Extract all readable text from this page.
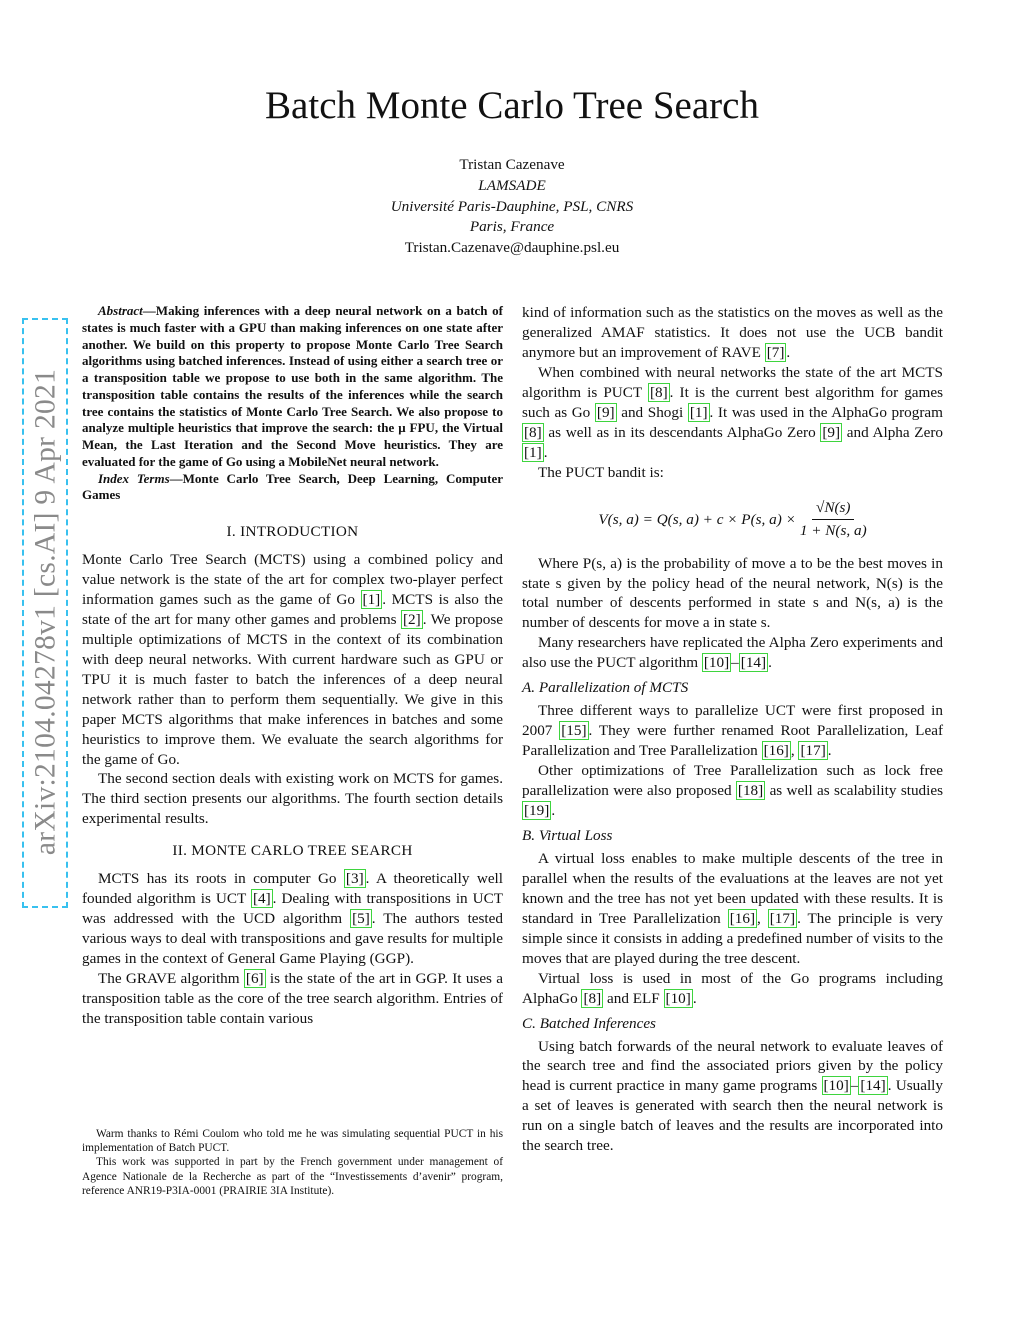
arXiv:2104.04278v1 [cs.AI] 9 Apr 2021
Batch Monte Carlo Tree Search
Tristan Cazenave
LAMSADE
Université Paris-Dauphine, PSL, CNRS
Paris, France
Tristan.Cazenave@dauphine.psl.eu

Abstract—Making inferences with a deep neural network on a batch of states is much faster with a GPU than making inferences on one state after another. We build on this property to propose Monte Carlo Tree Search algorithms using batched inferences. Instead of using either a search tree or a transposition table we propose to use both in the same algorithm. The transposition table contains the results of the inferences while the search tree contains the statistics of Monte Carlo Tree Search. We also propose to analyze multiple heuristics that improve the search: the μ FPU, the Virtual Mean, the Last Iteration and the Second Move heuristics. They are evaluated for the game of Go using a MobileNet neural network.

Index Terms—Monte Carlo Tree Search, Deep Learning, Computer Games

I. INTRODUCTION

Monte Carlo Tree Search (MCTS) using a combined policy and value network is the state of the art for complex two-player perfect information games such as the game of Go [1] . MCTS is also the state of the art for many other games and problems [2] . We propose multiple optimizations of MCTS in the context of its combination with deep neural networks. With current hardware such as GPU or TPU it is much faster to batch the inferences of a deep neural network rather than to perform them sequentially. We give in this paper MCTS algorithms that make inferences in batches and some heuristics to improve them. We evaluate the search algorithms for the game of Go.

The second section deals with existing work on MCTS for games. The third section presents our algorithms. The fourth section details experimental results.

II. MONTE CARLO TREE SEARCH

MCTS has its roots in computer Go [3] . A theoretically well founded algorithm is UCT [4] . Dealing with transpositions in UCT was addressed with the UCD algorithm [5] . The authors tested various ways to deal with transpositions and gave results for multiple games in the context of General Game Playing (GGP).

The GRAVE algorithm [6] is the state of the art in GGP. It uses a transposition table as the core of the tree search algorithm. Entries of the transposition table contain various

Warm thanks to Rémi Coulom who told me he was simulating sequential PUCT in his implementation of Batch PUCT.

This work was supported in part by the French government under management of Agence Nationale de la Recherche as part of the “Investissements d’avenir” program, reference ANR19-P3IA-0001 (PRAIRIE 3IA Institute).

kind of information such as the statistics on the moves as well as the generalized AMAF statistics. It does not use the UCB bandit anymore but an improvement of RAVE [7] .

When combined with neural networks the state of the art MCTS algorithm is PUCT [8] . It is the current best algorithm for games such as Go [9] and Shogi [1] . It was used in the AlphaGo program [8] as well as in its descendants AlphaGo Zero [9] and Alpha Zero [1] .

The PUCT bandit is:

V(s, a) = Q(s, a) + c × P(s, $a) \times \frac{√N(s)}{1 + N(s, a)}$

Where P(s, a) is the probability of move a to be the best moves in state s given by the policy head of the neural network, N(s) is the total number of descents performed in state s and N(s, a) is the number of descents for move a in state s.

Many researchers have replicated the Alpha Zero experiments and also use the PUCT algorithm [10] – [14] .

A. Parallelization of MCTS

Three different ways to parallelize UCT were first proposed in 2007 [15] . They were further renamed Root Parallelization, Leaf Parallelization and Tree Parallelization [16] , [17] .

Other optimizations of Tree Parallelization such as lock free parallelization were also proposed [18] as well as scalability studies [19] .

B. Virtual Loss

A virtual loss enables to make multiple descents of the tree in parallel when the results of the evaluations at the leaves are not yet known and the tree has not yet been updated with these results. It is standard in Tree Parallelization [16] , [17] . The principle is very simple since it consists in adding a predefined number of visits to the moves that are played during the tree descent.

Virtual loss is used in most of the Go programs including AlphaGo [8] and ELF [10] .

C. Batched Inferences

Using batch forwards of the neural network to evaluate leaves of the search tree and find the associated priors given by the policy head is current practice in many game programs [10] – [14] . Usually a set of leaves is generated with search then the neural network is run on a single batch of leaves and the results are incorporated into the search tree.
